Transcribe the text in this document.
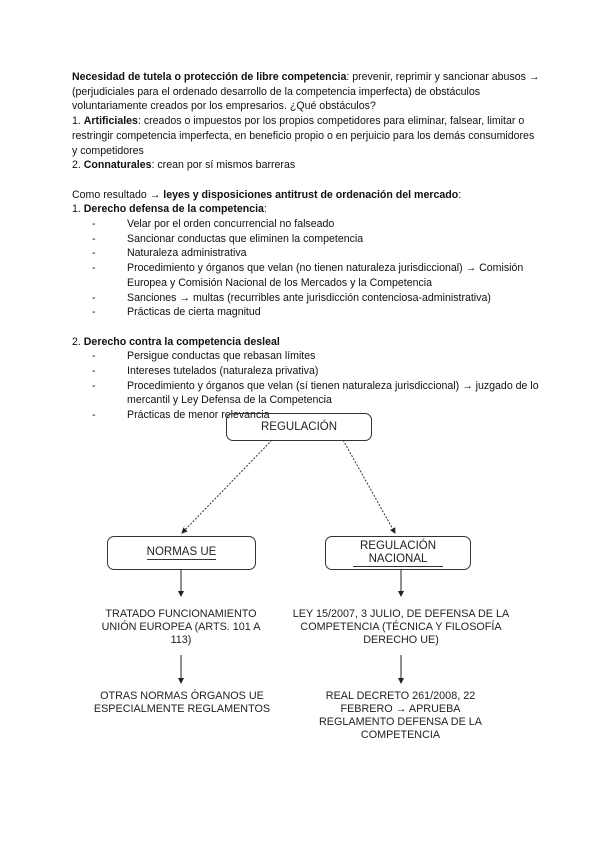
Necesidad de tutela o protección de libre competencia: prevenir, reprimir y sancionar abusos → (perjudiciales para el ordenado desarrollo de la competencia imperfecta) de obstáculos voluntariamente creados por los empresarios. ¿Qué obstáculos?

1. Artificiales: creados o impuestos por los propios competidores para eliminar, falsear, limitar o restringir competencia imperfecta, en beneficio propio o en perjuicio para los demás consumidores y competidores

2. Connaturales: crean por sí mismos barreras

Como resultado → leyes y disposiciones antitrust de ordenación del mercado:

1. Derecho defensa de la competencia:

- Velar por el orden concurrencial no falseado
- Sancionar conductas que eliminen la competencia
- Naturaleza administrativa
- Procedimiento y órganos que velan (no tienen naturaleza jurisdiccional) → Comisión Europea y Comisión Nacional de los Mercados y la Competencia
- Sanciones → multas (recurribles ante jurisdicción contenciosa-administrativa)
- Prácticas de cierta magnitud

2. Derecho contra la competencia desleal

- Persigue conductas que rebasan límites
- Intereses tutelados (naturaleza privativa)
- Procedimiento y órganos que velan (sí tienen naturaleza jurisdiccional) → juzgado de lo mercantil y Ley Defensa de la Competencia
- Prácticas de menor relevancia
REGULACIÓN
NORMAS UE
REGULACIÓN NACIONAL
TRATADO FUNCIONAMIENTO UNIÓN EUROPEA (ARTS. 101 A 113)
OTRAS NORMAS ÓRGANOS UE ESPECIALMENTE REGLAMENTOS
LEY 15/2007, 3 JULIO, DE DEFENSA DE LA COMPETENCIA (TÉCNICA Y FILOSOFÍA DERECHO UE)
REAL DECRETO 261/2008, 22 FEBRERO → APRUEBA REGLAMENTO DEFENSA DE LA COMPETENCIA
